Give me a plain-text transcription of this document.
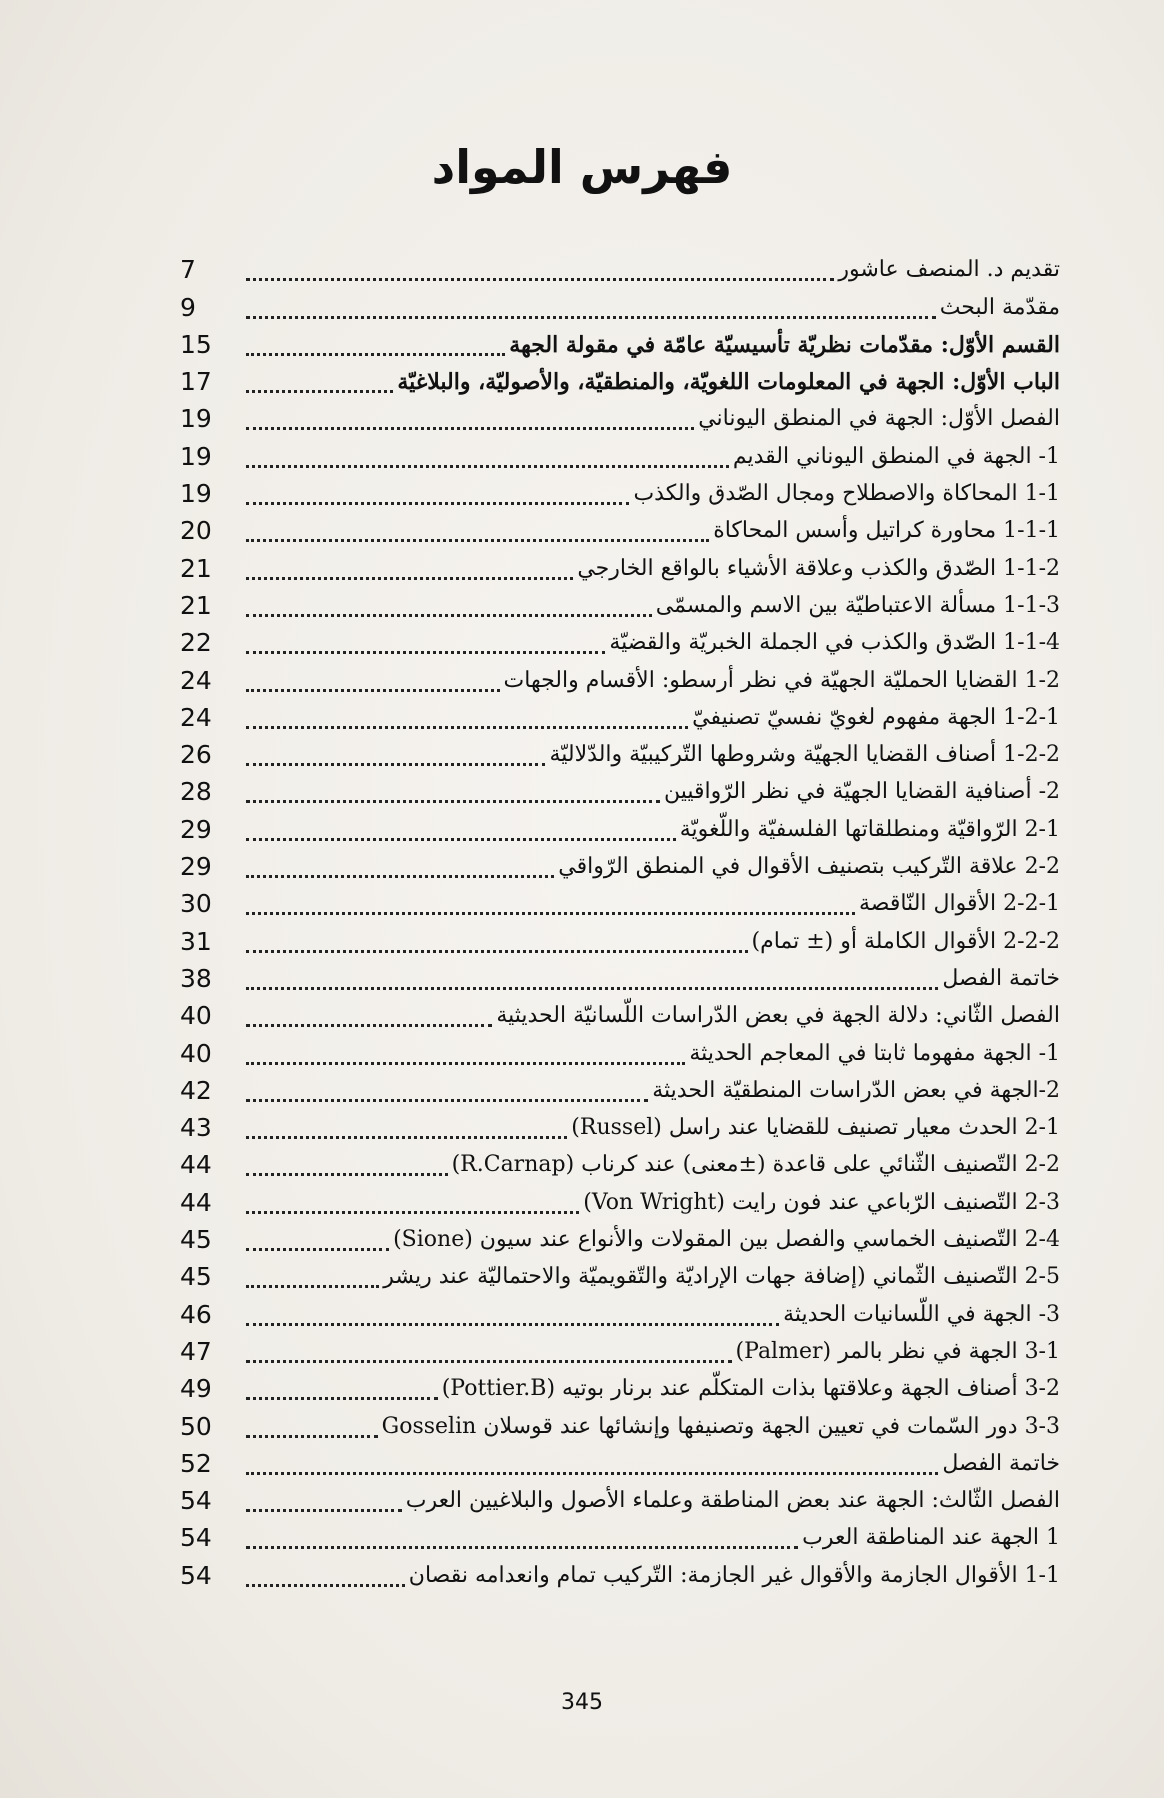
فهرس المواد
تقديم د. المنصف عاشور
7
مقدّمة البحث
9
القسم الأوّل: مقدّمات نظريّة تأسيسيّة عامّة في مقولة الجهة
15
الباب الأوّل: الجهة في المعلومات اللغويّة، والمنطقيّة، والأصوليّة، والبلاغيّة
17
الفصل الأوّل: الجهة في المنطق اليوناني
19
1- الجهة في المنطق اليوناني القديم
19
1-1 المحاكاة والاصطلاح ومجال الصّدق والكذب
19
1-1-1 محاورة كراتيل وأسس المحاكاة
20
1-1-2 الصّدق والكذب وعلاقة الأشياء بالواقع الخارجي
21
1-1-3 مسألة الاعتباطيّة بين الاسم والمسمّى
21
1-1-4 الصّدق والكذب في الجملة الخبريّة والقضيّة
22
1-2 القضايا الحمليّة الجهيّة في نظر أرسطو: الأقسام والجهات
24
1-2-1 الجهة مفهوم لغويّ نفسيّ تصنيفيّ
24
1-2-2 أصناف القضايا الجهيّة وشروطها التّركيبيّة والدّلاليّة
26
2- أصنافية القضايا الجهيّة في نظر الرّواقيين
28
2-1 الرّواقيّة ومنطلقاتها الفلسفيّة واللّغويّة
29
2-2 علاقة التّركيب بتصنيف الأقوال في المنطق الرّواقي
29
2-2-1 الأقوال النّاقصة
30
2-2-2 الأقوال الكاملة أو (± تمام)
31
خاتمة الفصل
38
الفصل الثّاني: دلالة الجهة في بعض الدّراسات اللّسانيّة الحديثية
40
1- الجهة مفهوما ثابتا في المعاجم الحديثة
40
2-الجهة في بعض الدّراسات المنطقيّة الحديثة
42
2-1 الحدث معيار تصنيف للقضايا عند راسل (Russel)
43
2-2 التّصنيف الثّنائي على قاعدة (±معنى) عند كرناب (R.Carnap)
44
2-3 التّصنيف الرّباعي عند فون رايت (Von Wright)
44
2-4 التّصنيف الخماسي والفصل بين المقولات والأنواع عند سيون (Sione)
45
2-5 التّصنيف الثّماني (إضافة جهات الإراديّة والتّقويميّة والاحتماليّة عند ريشر
45
3- الجهة في اللّسانيات الحديثة
46
3-1 الجهة في نظر بالمر (Palmer)
47
3-2 أصناف الجهة وعلاقتها بذات المتكلّم عند برنار بوتيه (Pottier.B)
49
3-3 دور السّمات في تعيين الجهة وتصنيفها وإنشائها عند قوسلان Gosselin
50
خاتمة الفصل
52
الفصل الثّالث: الجهة عند بعض المناطقة وعلماء الأصول والبلاغيين العرب
54
1 الجهة عند المناطقة العرب
54
1-1 الأقوال الجازمة والأقوال غير الجازمة: التّركيب تمام وانعدامه نقصان
54
345
